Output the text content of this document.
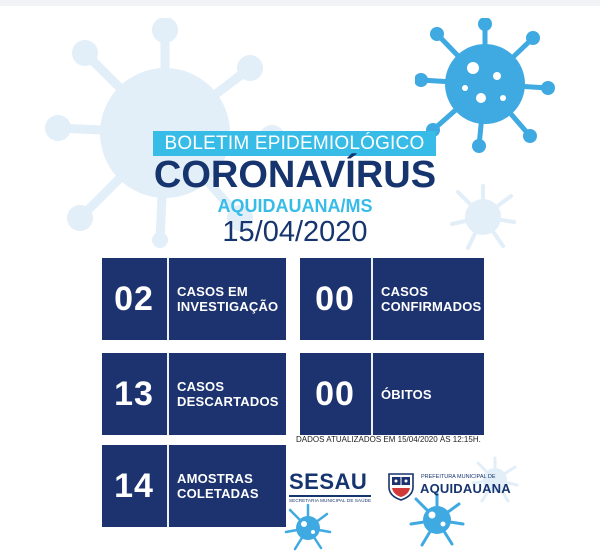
BOLETIM EPIDEMIOLÓGICO
CORONAVÍRUS
AQUIDAUANA/MS
15/04/2020
02	CASOS EM
INVESTIGAÇÃO	00	CASOS
CONFIRMADOS
13	CASOS
DESCARTADOS	00	ÓBITOS
14	AMOSTRAS
COLETADAS
DADOS ATUALIZADOS EM 15/04/2020 ÀS 12:15H.
SESAU
SECRETARIA MUNICIPAL DE SAÚDE
PREFEITURA MUNICIPAL DE
AQUIDAUANA
